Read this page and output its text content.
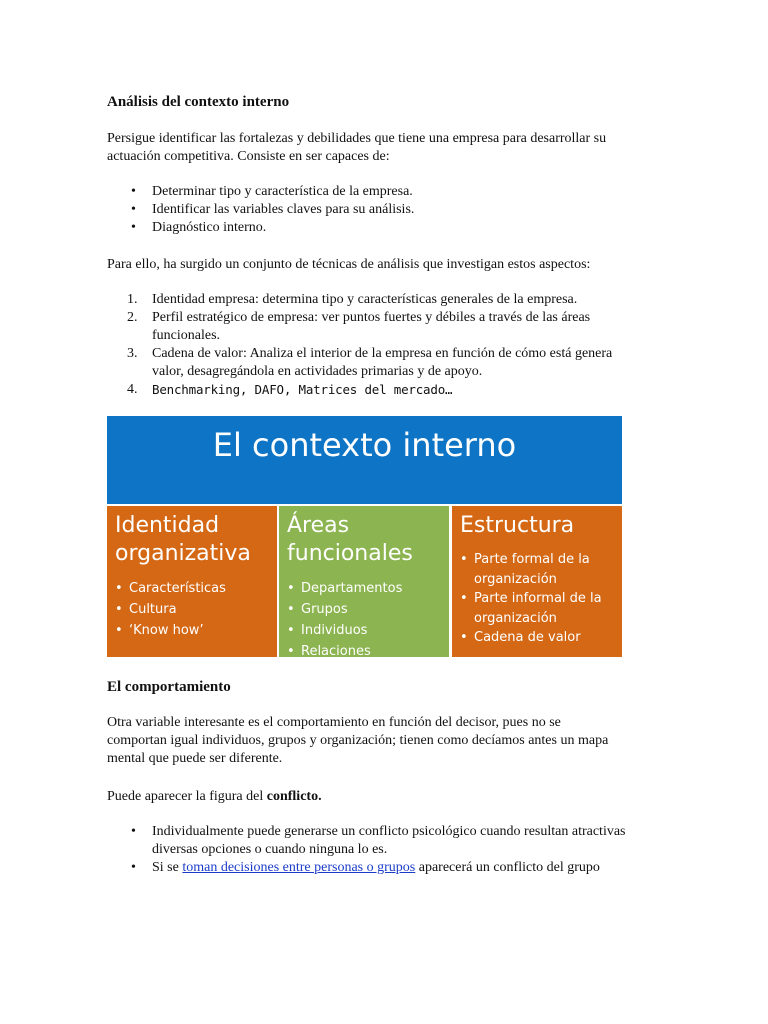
Análisis del contexto interno

Persigue identificar las fortalezas y debilidades que tiene una empresa para desarrollar su
actuación competitiva. Consiste en ser capaces de:

• Determinar tipo y característica de la empresa.
• Identificar las variables claves para su análisis.
• Diagnóstico interno.

Para ello, ha surgido un conjunto de técnicas de análisis que investigan estos aspectos:

1. Identidad empresa: determina tipo y características generales de la empresa.
2. Perfil estratégico de empresa: ver puntos fuertes y débiles a través de las áreas
funcionales.
3. Cadena de valor: Analiza el interior de la empresa en función de cómo está genera
valor, desagregándola en actividades primarias y de apoyo.
4. Benchmarking, DAFO, Matrices del mercado…
El contexto interno
Identidad
organizativa
• Características
• Cultura
• ‘Know how’
Áreas
funcionales
• Departamentos
• Grupos
• Individuos
• Relaciones
Estructura
• Parte formal de la organización
• Parte informal de la organización
• Cadena de valor
El comportamiento

Otra variable interesante es el comportamiento en función del decisor, pues no se
comportan igual individuos, grupos y organización; tienen como decíamos antes un mapa
mental que puede ser diferente.

Puede aparecer la figura del conflicto.

• Individualmente puede generarse un conflicto psicológico cuando resultan atractivas
diversas opciones o cuando ninguna lo es.
• Si se toman decisiones entre personas o grupos aparecerá un conflicto del grupo
